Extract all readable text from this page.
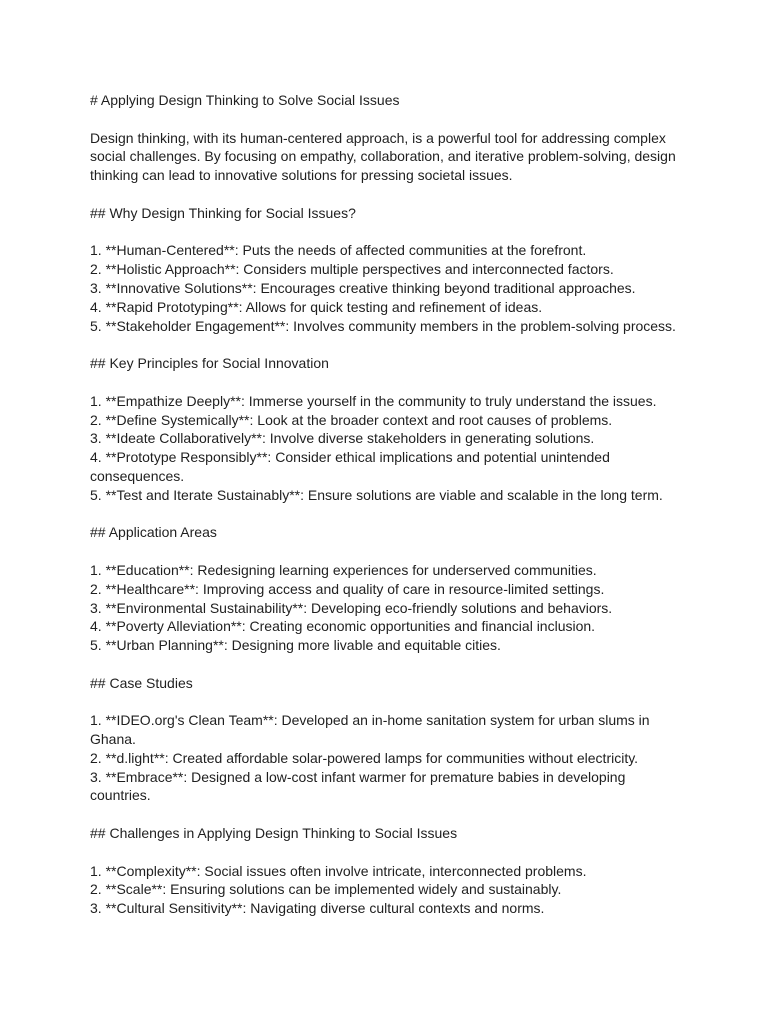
# Applying Design Thinking to Solve Social Issues

Design thinking, with its human-centered approach, is a powerful tool for addressing complex

social challenges. By focusing on empathy, collaboration, and iterative problem-solving, design

thinking can lead to innovative solutions for pressing societal issues.

## Why Design Thinking for Social Issues?

1. **Human-Centered**: Puts the needs of affected communities at the forefront.

2. **Holistic Approach**: Considers multiple perspectives and interconnected factors.

3. **Innovative Solutions**: Encourages creative thinking beyond traditional approaches.

4. **Rapid Prototyping**: Allows for quick testing and refinement of ideas.

5. **Stakeholder Engagement**: Involves community members in the problem-solving process.

## Key Principles for Social Innovation

1. **Empathize Deeply**: Immerse yourself in the community to truly understand the issues.

2. **Define Systemically**: Look at the broader context and root causes of problems.

3. **Ideate Collaboratively**: Involve diverse stakeholders in generating solutions.

4. **Prototype Responsibly**: Consider ethical implications and potential unintended

consequences.

5. **Test and Iterate Sustainably**: Ensure solutions are viable and scalable in the long term.

## Application Areas

1. **Education**: Redesigning learning experiences for underserved communities.

2. **Healthcare**: Improving access and quality of care in resource-limited settings.

3. **Environmental Sustainability**: Developing eco-friendly solutions and behaviors.

4. **Poverty Alleviation**: Creating economic opportunities and financial inclusion.

5. **Urban Planning**: Designing more livable and equitable cities.

## Case Studies

1. **IDEO.org's Clean Team**: Developed an in-home sanitation system for urban slums in

Ghana.

2. **d.light**: Created affordable solar-powered lamps for communities without electricity.

3. **Embrace**: Designed a low-cost infant warmer for premature babies in developing

countries.

## Challenges in Applying Design Thinking to Social Issues

1. **Complexity**: Social issues often involve intricate, interconnected problems.

2. **Scale**: Ensuring solutions can be implemented widely and sustainably.

3. **Cultural Sensitivity**: Navigating diverse cultural contexts and norms.
